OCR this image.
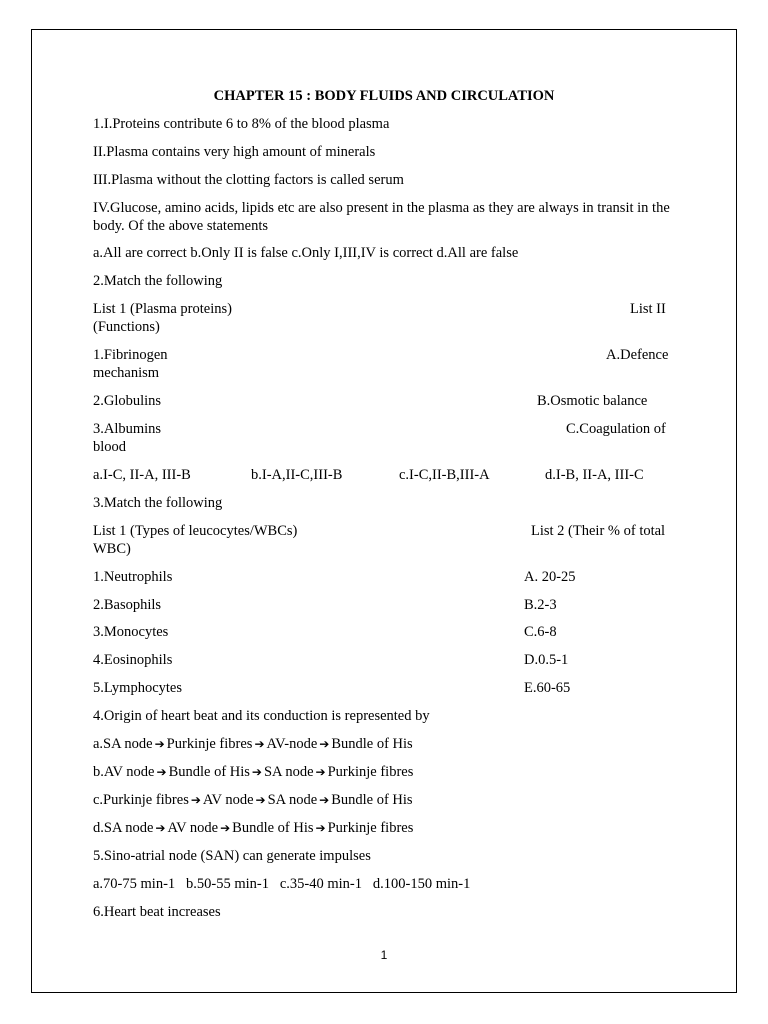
CHAPTER 15 : BODY FLUIDS AND CIRCULATION
1.I.Proteins contribute 6 to 8% of the blood plasma
II.Plasma contains very high amount of minerals
III.Plasma without the clotting factors is called serum
IV.Glucose, amino acids, lipids etc are also present in the plasma as they are always in transit in the body. Of the above statements
a.All are correct b.Only II is false c.Only I,III,IV is correct d.All are false
2.Match the following
List 1 (Plasma proteins)	List II
(Functions)
1.Fibrinogen	A.Defence
mechanism
2.Globulins	B.Osmotic balance
3.Albumins	C.Coagulation of
blood
a.I-C, II-A, III-B	b.I-A,II-C,III-B	c.I-C,II-B,III-A	d.I-B, II-A, III-C
3.Match the following
List 1 (Types of leucocytes/WBCs)	List 2 (Their % of total
WBC)
1.Neutrophils	A. 20-25
2.Basophils	B.2-3
3.Monocytes	C.6-8
4.Eosinophils	D.0.5-1
5.Lymphocytes	E.60-65
4.Origin of heart beat and its conduction is represented by
a.SA node ➔ Purkinje fibres ➔ AV-node ➔ Bundle of His
b.AV node ➔ Bundle of His ➔ SA node ➔ Purkinje fibres
c.Purkinje fibres ➔ AV node ➔ SA node ➔ Bundle of His
d.SA node ➔ AV node ➔ Bundle of His ➔ Purkinje fibres
5.Sino-atrial node (SAN) can generate impulses
a.70-75 min-1   b.50-55 min-1   c.35-40 min-1   d.100-150 min-1
6.Heart beat increases
1
